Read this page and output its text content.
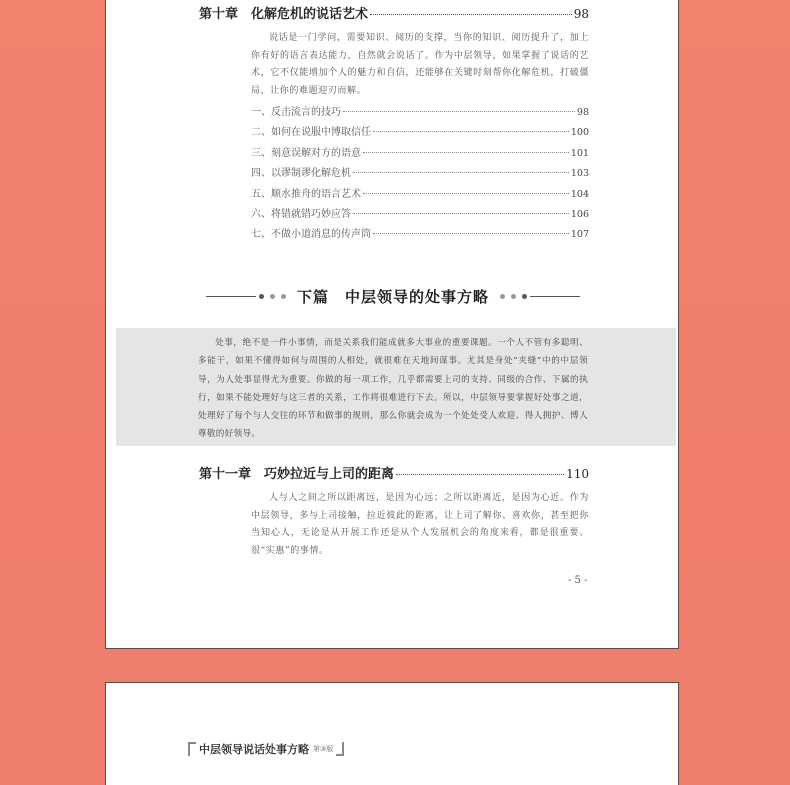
第十章　化解危机的说话艺术	98

说话是一门学问，需要知识、阅历的支撑，当你的知识、阅历提升了，加上你有好的语言表达能力，自然就会说话了。作为中层领导，如果掌握了说话的艺术，它不仅能增加个人的魅力和自信，还能够在关键时刻帮你化解危机，打破僵局，让你的难题迎刃而解。

一、反击流言的技巧	98
二、如何在说服中博取信任	100
三、刻意误解对方的语意	101
四、以谬制谬化解危机	103
五、顺水推舟的语言艺术	104
六、将错就错巧妙应答	106
七、不做小道消息的传声筒	107
下篇　中层领导的处事方略

处事，绝不是一件小事情，而是关系我们能成就多大事业的重要课题。一个人不管有多聪明、多能干，如果不懂得如何与周围的人相处，就很难在天地间谋事。尤其是身处“夹缝”中的中层领导，为人处事显得尤为重要。你做的每一项工作，几乎都需要上司的支持、同级的合作、下属的执行，如果不能处理好与这三者的关系，工作将很难进行下去。所以，中层领导要掌握好处事之道，处理好了每个与人交往的环节和做事的规则，那么你就会成为一个处处受人欢迎、得人拥护、博人尊敬的好领导。

第十一章　巧妙拉近与上司的距离	110

人与人之间之所以距离远，是因为心远；之所以距离近，是因为心近。作为中层领导，多与上司接触，拉近彼此的距离，让上司了解你、喜欢你，甚至把你当知心人，无论是从开展工作还是从个人发展机会的角度来看，都是很重要、很“实惠”的事情。

- 5 -
中层领导说话处事方略 第③版
